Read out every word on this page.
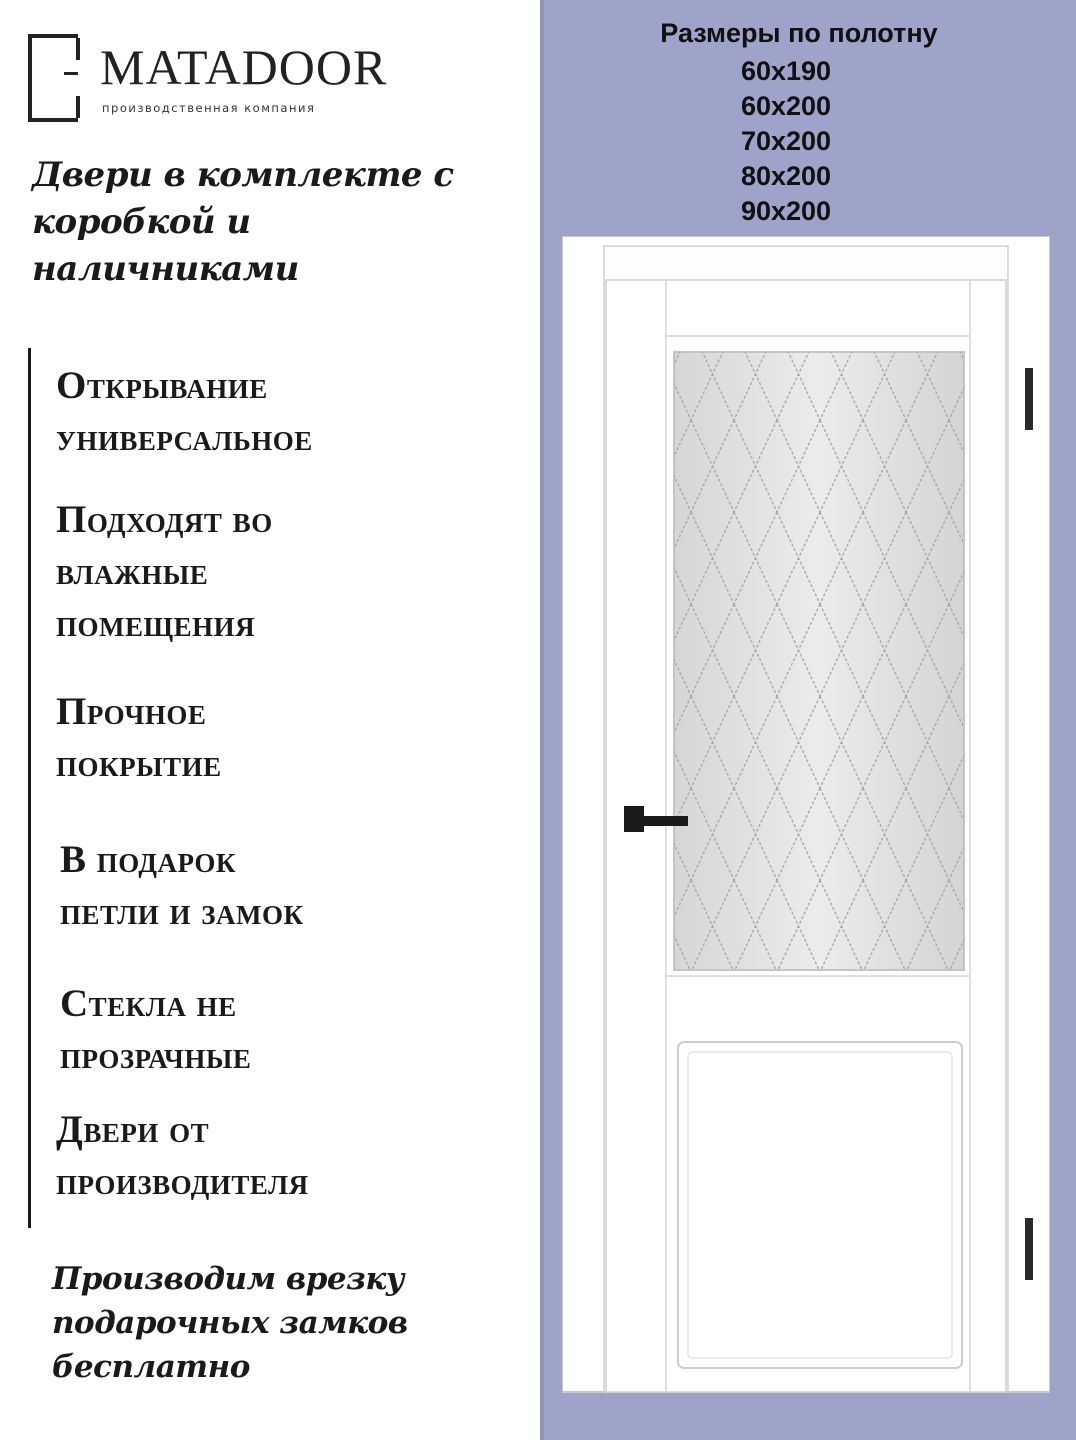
MATADOOR
производственная компания
Двери в комплекте с
коробкой и
наличниками
Открывание
универсальное
Подходят во
влажные
помещения
Прочное
покрытие
В подарок
петли и замок
Стекла не
прозрачные
Двери от
производителя
Производим врезку
подарочных замков
бесплатно
Размеры по полотну
60x190
60x200
70x200
80x200
90x200
